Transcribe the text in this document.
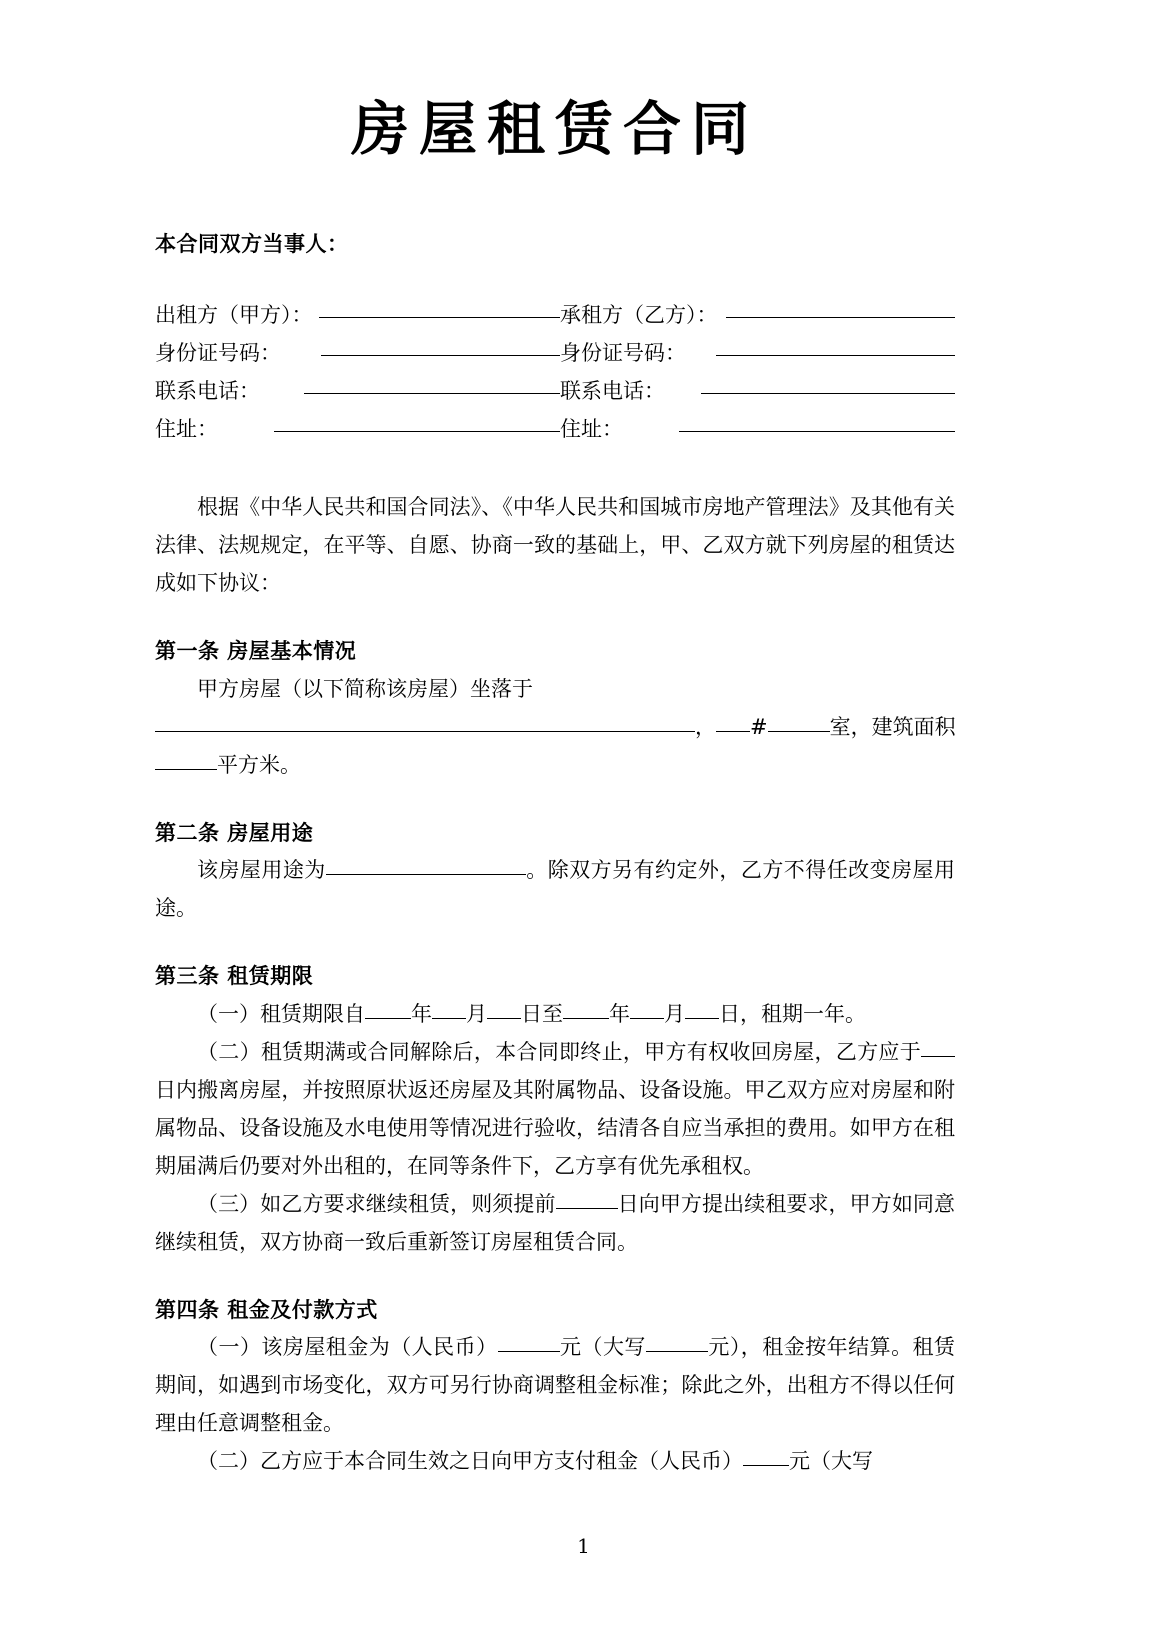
房屋租赁合同
本合同双方当事人：
出租方（甲方）：	承租方（乙方）：
身份证号码：	身份证号码：
联系电话：	联系电话：
住址：	住址：

根据《中华人民共和国合同法》、《中华人民共和国城市房地产管理法》及其他有关法律、法规规定，在平等、自愿、协商一致的基础上，甲、乙双方就下列房屋的租赁达成如下协议：

第一条 房屋基本情况

甲方房屋（以下简称该房屋）坐落于

， #	室，建筑面积

平方米。

第二条 房屋用途

该房屋用途为	。除双方另有约定外，乙方不得任改变房屋用途。

第三条 租赁期限

（一）租赁期限自 年 月 日至 年 月 日，租期一年。

（二）租赁期满或合同解除后，本合同即终止，甲方有权收回房屋，乙方应于日内搬离房屋，并按照原状返还房屋及其附属物品、设备设施。甲乙双方应对房屋和附属物品、设备设施及水电使用等情况进行验收，结清各自应当承担的费用。如甲方在租期届满后仍要对外出租的，在同等条件下，乙方享有优先承租权。

（三）如乙方要求继续租赁，则须提前	日向甲方提出续租要求，甲方如同意继续租赁，双方协商一致后重新签订房屋租赁合同。

第四条 租金及付款方式

（一）该房屋租金为（人民币）	元（大写	元），租金按年结算。租赁期间，如遇到市场变化，双方可另行协商调整租金标准；除此之外，出租方不得以任何理由任意调整租金。

（二）乙方应于本合同生效之日向甲方支付租金（人民币） 元（大写

1
